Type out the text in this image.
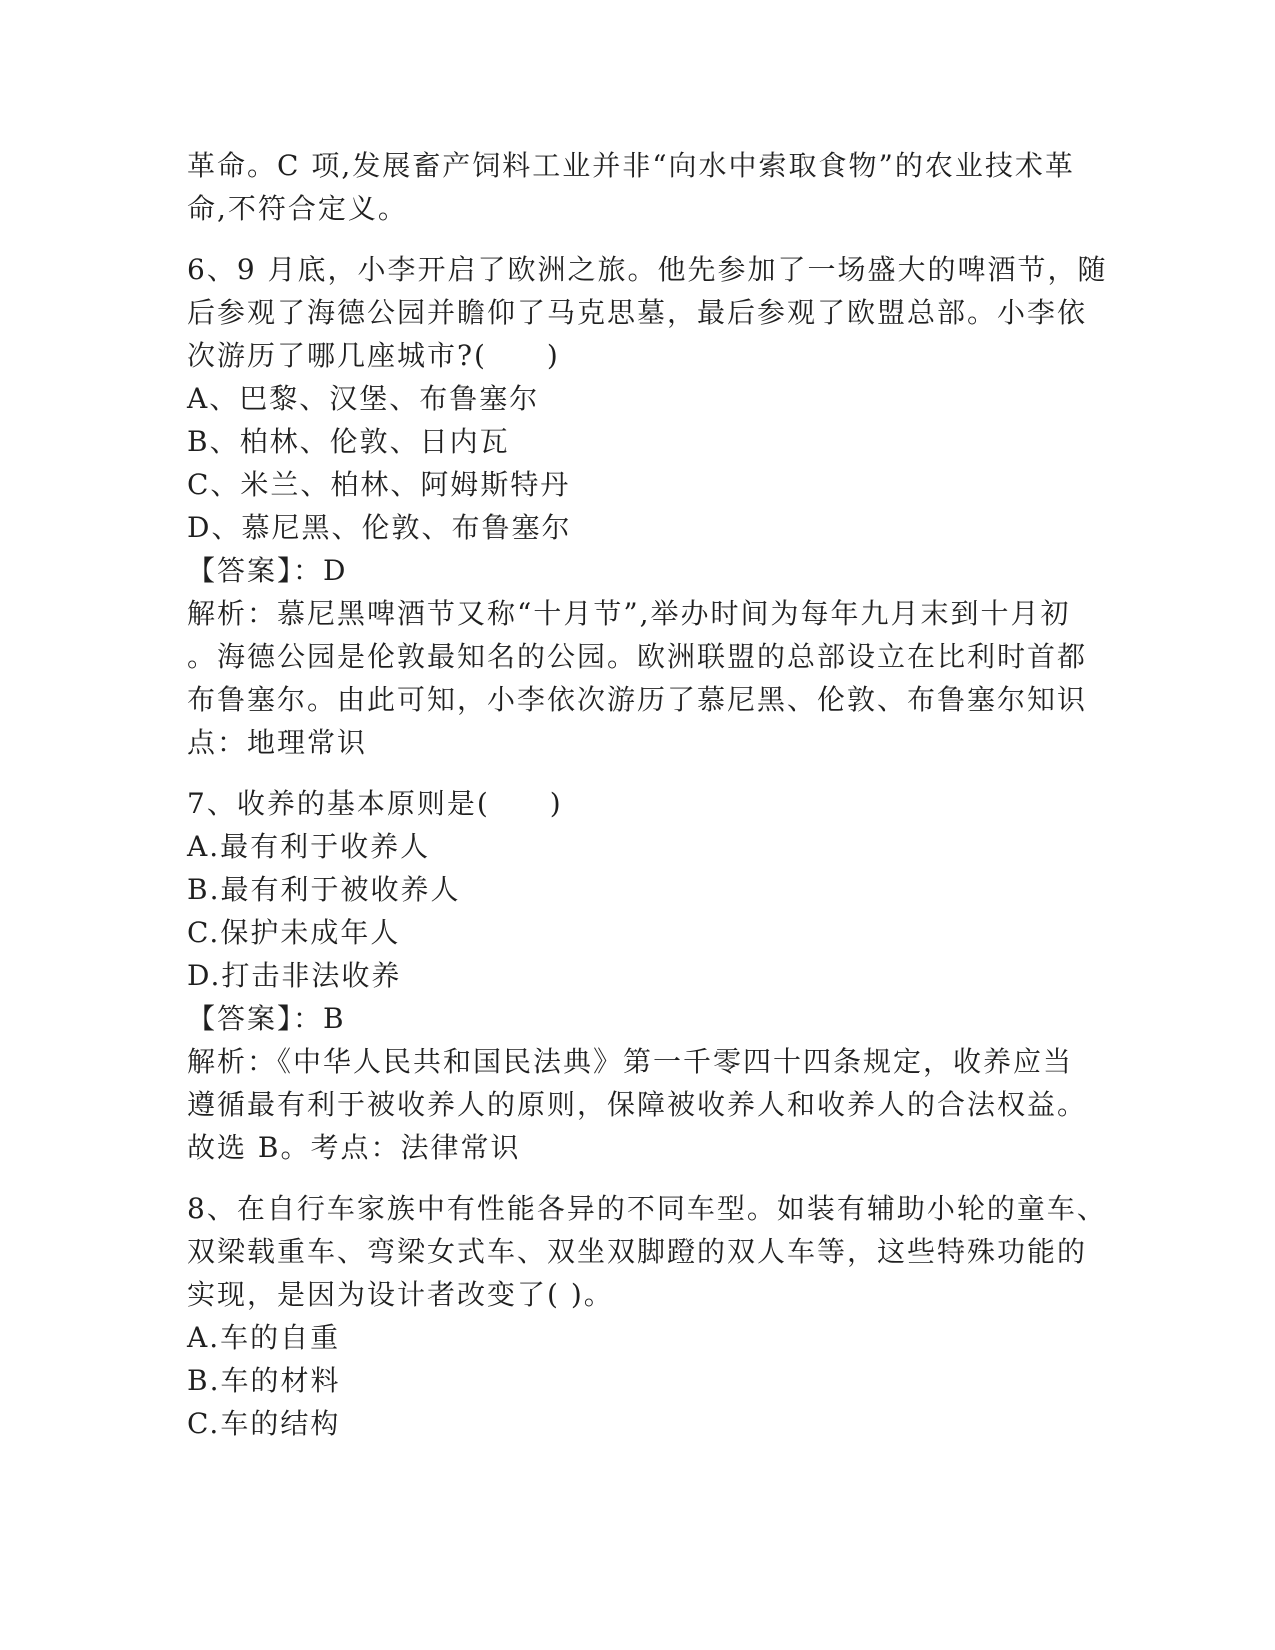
革命。C 项,发展畜产饲料工业并非“向水中索取食物”的农业技术革
命,不符合定义。
6、9 月底，小李开启了欧洲之旅。他先参加了一场盛大的啤酒节，随
后参观了海德公园并瞻仰了马克思墓，最后参观了欧盟总部。小李依
次游历了哪几座城市?(　　)
A、巴黎、汉堡、布鲁塞尔
B、柏林、伦敦、日内瓦
C、米兰、柏林、阿姆斯特丹
D、慕尼黑、伦敦、布鲁塞尔
【答案】：D
解析：慕尼黑啤酒节又称“十月节”,举办时间为每年九月末到十月初
。海德公园是伦敦最知名的公园。欧洲联盟的总部设立在比利时首都
布鲁塞尔。由此可知，小李依次游历了慕尼黑、伦敦、布鲁塞尔知识
点：地理常识
7、收养的基本原则是(　　)
A.最有利于收养人
B.最有利于被收养人
C.保护未成年人
D.打击非法收养
【答案】：B
解析：《中华人民共和国民法典》第一千零四十四条规定，收养应当
遵循最有利于被收养人的原则，保障被收养人和收养人的合法权益。
故选 B。考点：法律常识
8、在自行车家族中有性能各异的不同车型。如装有辅助小轮的童车、
双梁载重车、弯梁女式车、双坐双脚蹬的双人车等，这些特殊功能的
实现，是因为设计者改变了( )。
A.车的自重
B.车的材料
C.车的结构
